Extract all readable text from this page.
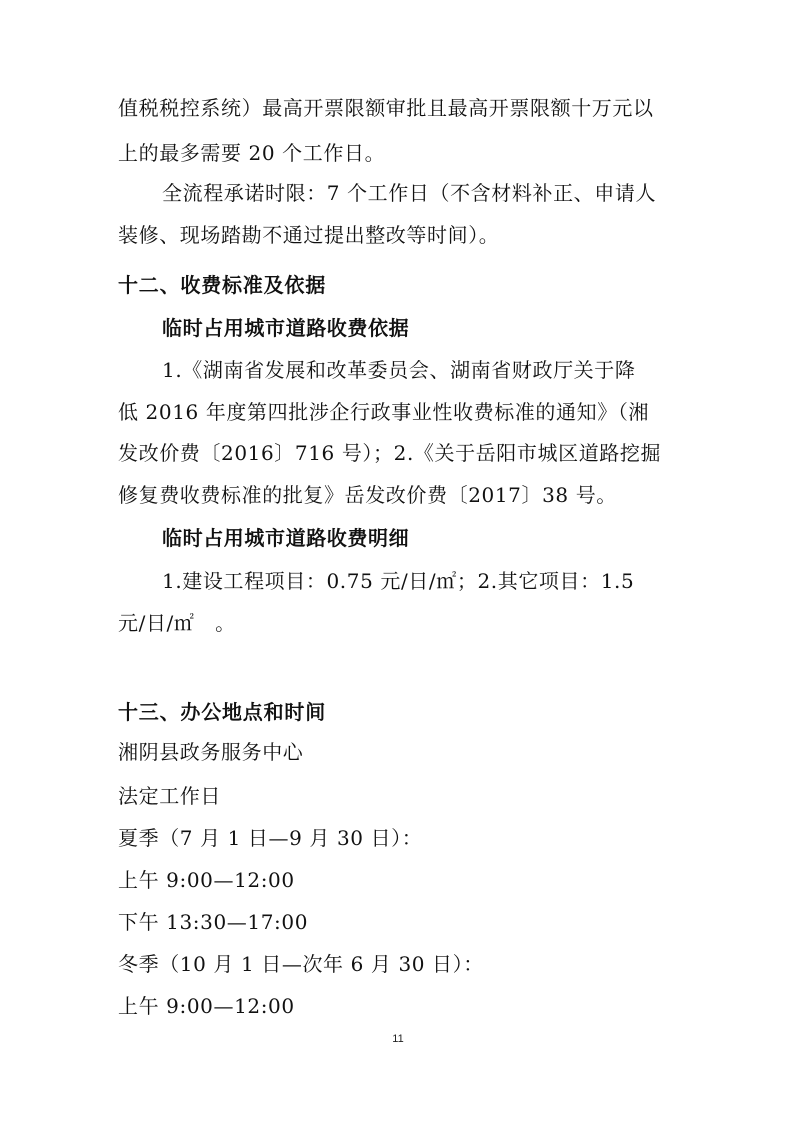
值税税控系统）最高开票限额审批且最高开票限额十万元以

上的最多需要 20 个工作日。

全流程承诺时限：7 个工作日（不含材料补正、申请人

装修、现场踏勘不通过提出整改等时间）。

十二、收费标准及依据

临时占用城市道路收费依据

1.《湖南省发展和改革委员会、湖南省财政厅关于降

低 2016 年度第四批涉企行政事业性收费标准的通知》（湘

发改价费〔2016〕716 号）；2.《关于岳阳市城区道路挖掘

修复费收费标准的批复》岳发改价费〔2017〕38 号。

临时占用城市道路收费明细

1.建设工程项目：0.75 元/日/㎡；2.其它项目：1.5

元/日/㎡　。

十三、办公地点和时间

湘阴县政务服务中心

法定工作日

夏季（7 月 1 日—9 月 30 日）：

上午 9:00—12:00

下午 13:30—17:00

冬季（10 月 1 日—次年 6 月 30 日）：

上午 9:00—12:00

11
